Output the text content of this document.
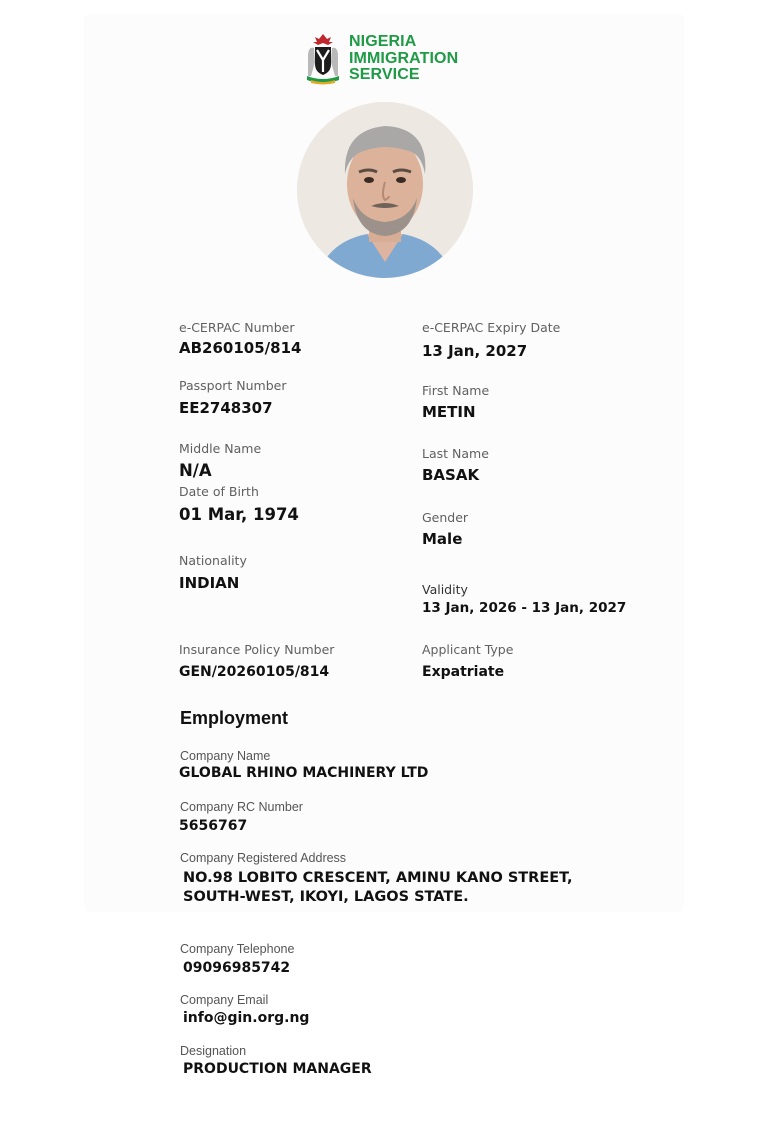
NIGERIA
IMMIGRATION
SERVICE
e-CERPAC Number
AB260105/814
Passport Number
EE2748307
Middle Name
N/A
Date of Birth
01 Mar, 1974
Nationality
INDIAN
Insurance Policy Number
GEN/20260105/814
e-CERPAC Expiry Date
13 Jan, 2027
First Name
METIN
Last Name
BASAK
Gender
Male
Validity
13 Jan, 2026 - 13 Jan, 2027
Applicant Type
Expatriate
Employment
Company Name
GLOBAL RHINO MACHINERY LTD
Company RC Number
5656767
Company Registered Address
NO.98 LOBITO CRESCENT, AMINU KANO STREET,
SOUTH-WEST, IKOYI, LAGOS STATE.
Company Telephone
09096985742
Company Email
info@gin.org.ng
Designation
PRODUCTION MANAGER
